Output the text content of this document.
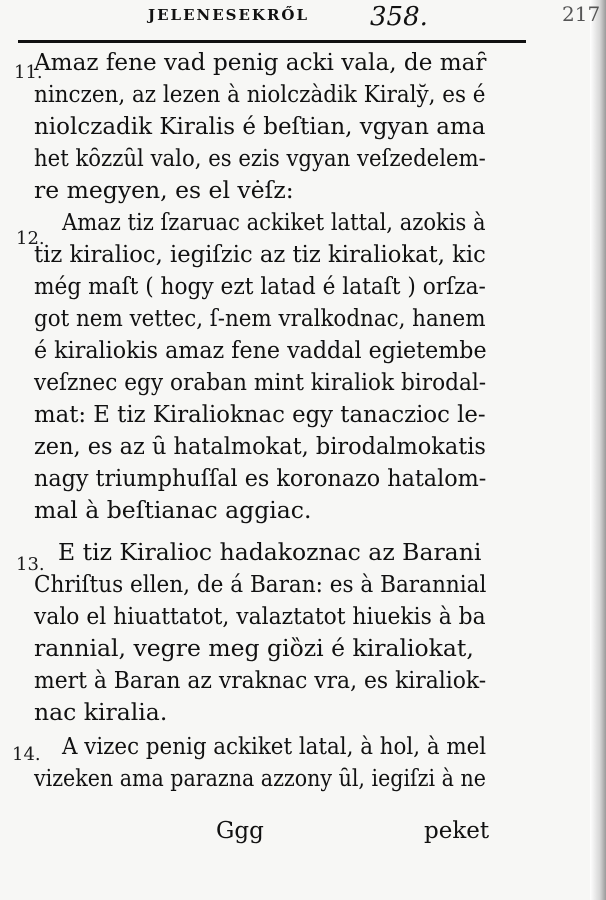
JELENESEKRŐL 358.	217
11.
Amaz fene vad penig acki vala, de maȓ
ninczen, az lezen à niolczàdik Kiraly̆, es é
niolczadik Kiralis é beſtian, vgyan ama
het kȏzzȗl valo, es ezis vgyan veſzedelem-
re megyen, es el vėſz:
12.
Amaz tiz ſzaruac ackiket lattal, azokis à
tiz kiralioc, iegiſzic az tiz kiraliokat, kic
még maſt ( hogy ezt latad é lataſt ) orſza-
got nem vettec, ſ-nem vralkodnac, hanem
é kiraliokis amaz fene vaddal egietembe
veſznec egy oraban mint kiraliok birodal-
mat: E tiz Kiralioknac egy tanaczioc le-
zen, es az ȗ hatalmokat, birodalmokatis
nagy triumphuſſal es koronazo hatalom-
mal à beſtianac aggiac.
13. E tiz Kiralioc hadakoznac az Barani
Chriſtus ellen, de á Baran: es à Barannial
valo el hiuattatot, valaztatot hiuekis à ba
rannial, vegre meg giȍzi é kiraliokat,
mert à Baran az vraknac vra, es kiraliok-
nac kiralia.
14. A vizec penig ackiket latal, à hol, à mel
vizeken ama parazna azzony ȗl, iegiſzi à ne
Ggg	peket
